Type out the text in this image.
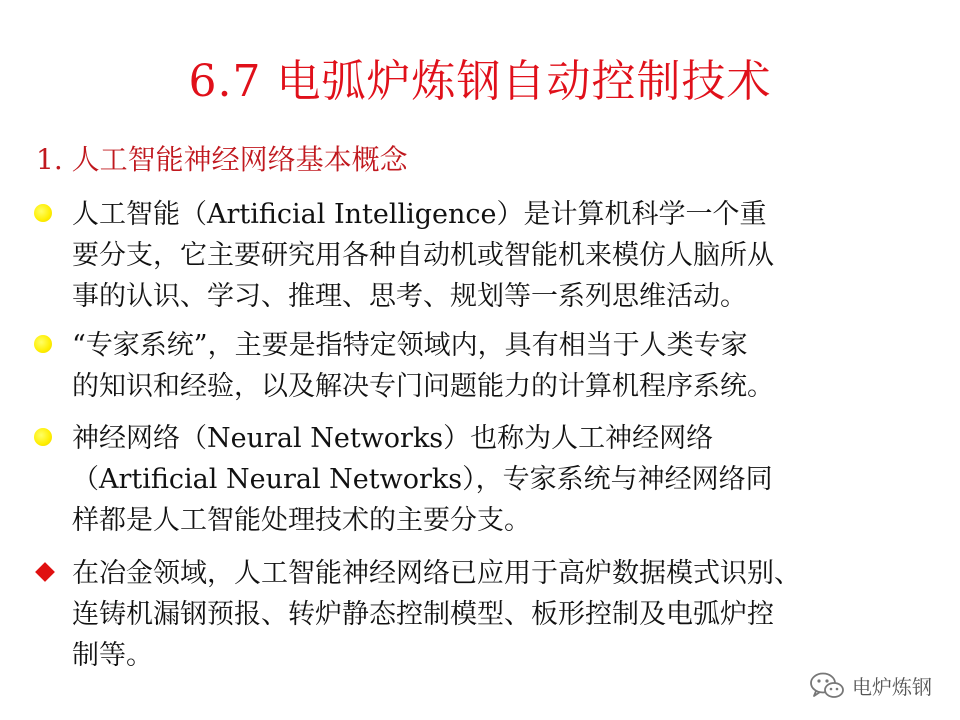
6.7 电弧炉炼钢自动控制技术
1. 人工智能神经网络基本概念
人工智能（Artificial Intelligence）是计算机科学一个重
要分支，它主要研究用各种自动机或智能机来模仿人脑所从
事的认识、学习、推理、思考、规划等一系列思维活动。
“专家系统”，主要是指特定领域内，具有相当于人类专家
的知识和经验，以及解决专门问题能力的计算机程序系统。
神经网络（Neural Networks）也称为人工神经网络
（Artificial Neural Networks），专家系统与神经网络同
样都是人工智能处理技术的主要分支。
在冶金领域，人工智能神经网络已应用于高炉数据模式识别、
连铸机漏钢预报、转炉静态控制模型、板形控制及电弧炉控
制等。
电炉炼钢
